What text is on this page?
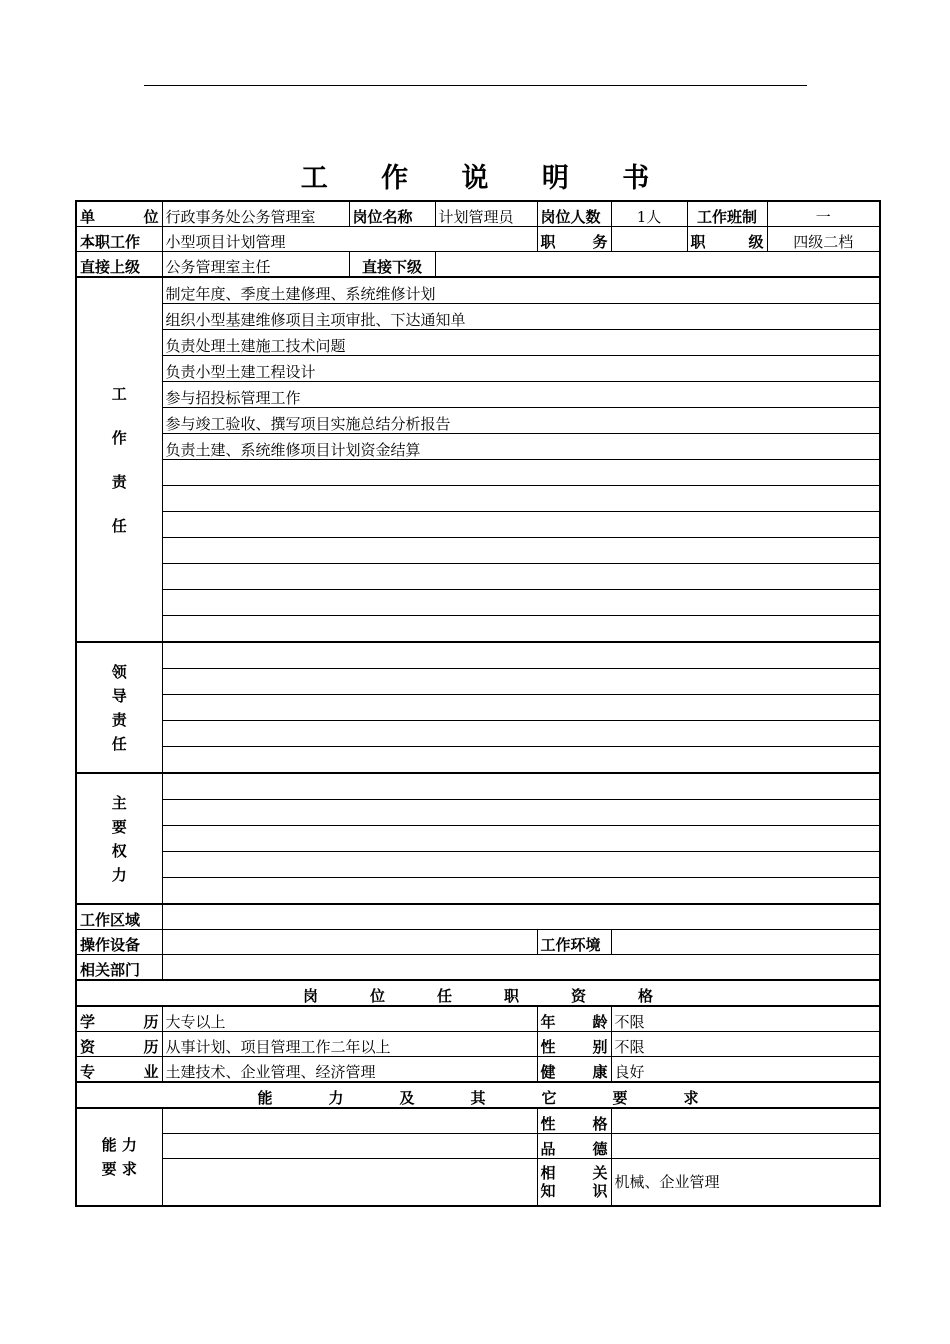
工 作 说 明 书
单　位	行政事务处公务管理室	岗位名称	计划管理员	岗位人数	1人	工作班制	一
本职工作	小型项目计划管理			职　务		职　级	四级二档
直接上级	公务管理室主任	直接下级					

工
作
责
任	制定年度、季度土建修理、系统维修计划						
	组织小型基建维修项目主项审批、下达通知单						
	负责处理土建施工技术问题						
	负责小型土建工程设计						
	参与招投标管理工作						
	参与竣工验收、撰写项目实施总结分析报告						
	负责土建、系统维修项目计划资金结算						

领
导
责
任							

主
要
权
力							

工作区域							
操作设备				工作环境			
相关部门							
岗位任职资格							
学　历	大专以上			年　龄	不限		
资　历	从事计划、项目管理工作二年以上			性　别	不限		
专　业	土建技术、企业管理、经济管理			健　康	良好		
能力及其它要求							

能 力
要 求				性　格			
				品　德			

				相　关
知　识	机械、企业管理		
